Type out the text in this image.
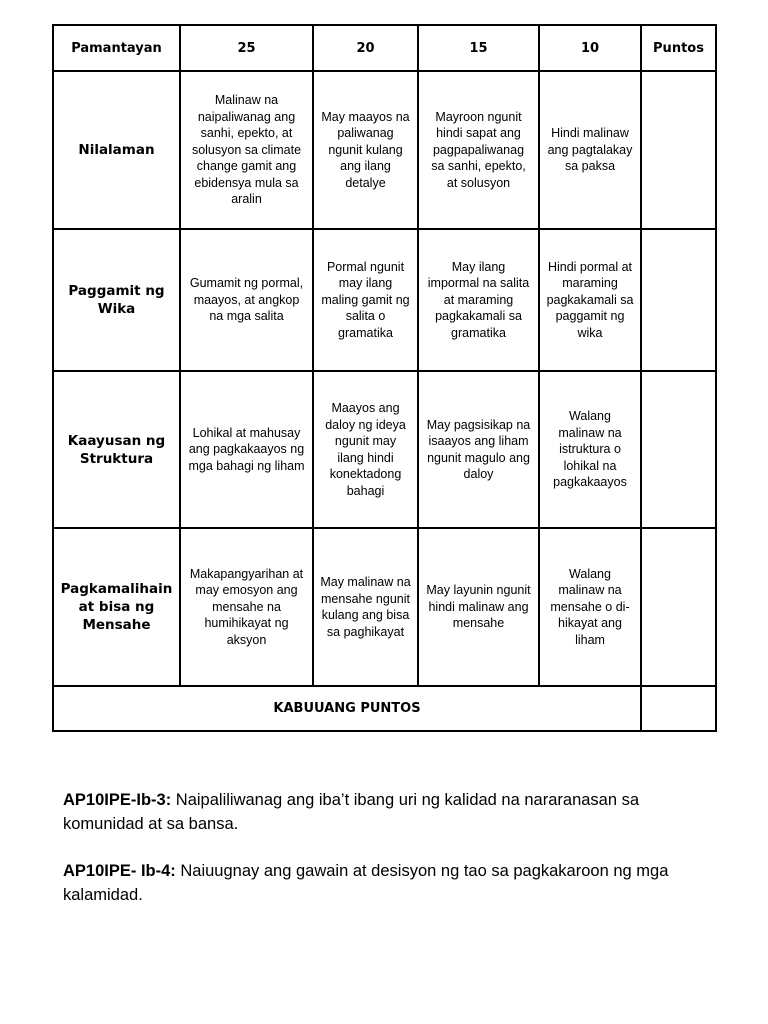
Pamantayan	25	20	15	10	Puntos
Nilalaman	Malinaw na naipaliwanag ang sanhi, epekto, at solusyon sa climate change gamit ang ebidensya mula sa aralin	May maayos na paliwanag ngunit kulang ang ilang detalye	Mayroon ngunit hindi sapat ang pagpapaliwanag sa sanhi, epekto, at solusyon	Hindi malinaw ang pagtalakay sa paksa	
Paggamit ng Wika	Gumamit ng pormal, maayos, at angkop na mga salita	Pormal ngunit may ilang maling gamit ng salita o gramatika	May ilang impormal na salita at maraming pagkakamali sa gramatika	Hindi pormal at maraming pagkakamali sa paggamit ng wika	
Kaayusan ng Struktura	Lohikal at mahusay ang pagkakaayos ng mga bahagi ng liham	Maayos ang daloy ng ideya ngunit may ilang hindi konektadong bahagi	May pagsisikap na isaayos ang liham ngunit magulo ang daloy	Walang malinaw na istruktura o lohikal na pagkakaayos	
Pagkamalihain at bisa ng Mensahe	Makapangyarihan at may emosyon ang mensahe na humihikayat ng aksyon	May malinaw na mensahe ngunit kulang ang bisa sa paghikayat	May layunin ngunit hindi malinaw ang mensahe	Walang malinaw na mensahe o di-hikayat ang liham	
KABUUANG PUNTOS					

AP10IPE-Ib-3: Naipaliliwanag ang iba’t ibang uri ng kalidad na nararanasan sa komunidad at sa bansa.

AP10IPE- Ib-4: Naiuugnay ang gawain at desisyon ng tao sa pagkakaroon ng mga kalamidad.
